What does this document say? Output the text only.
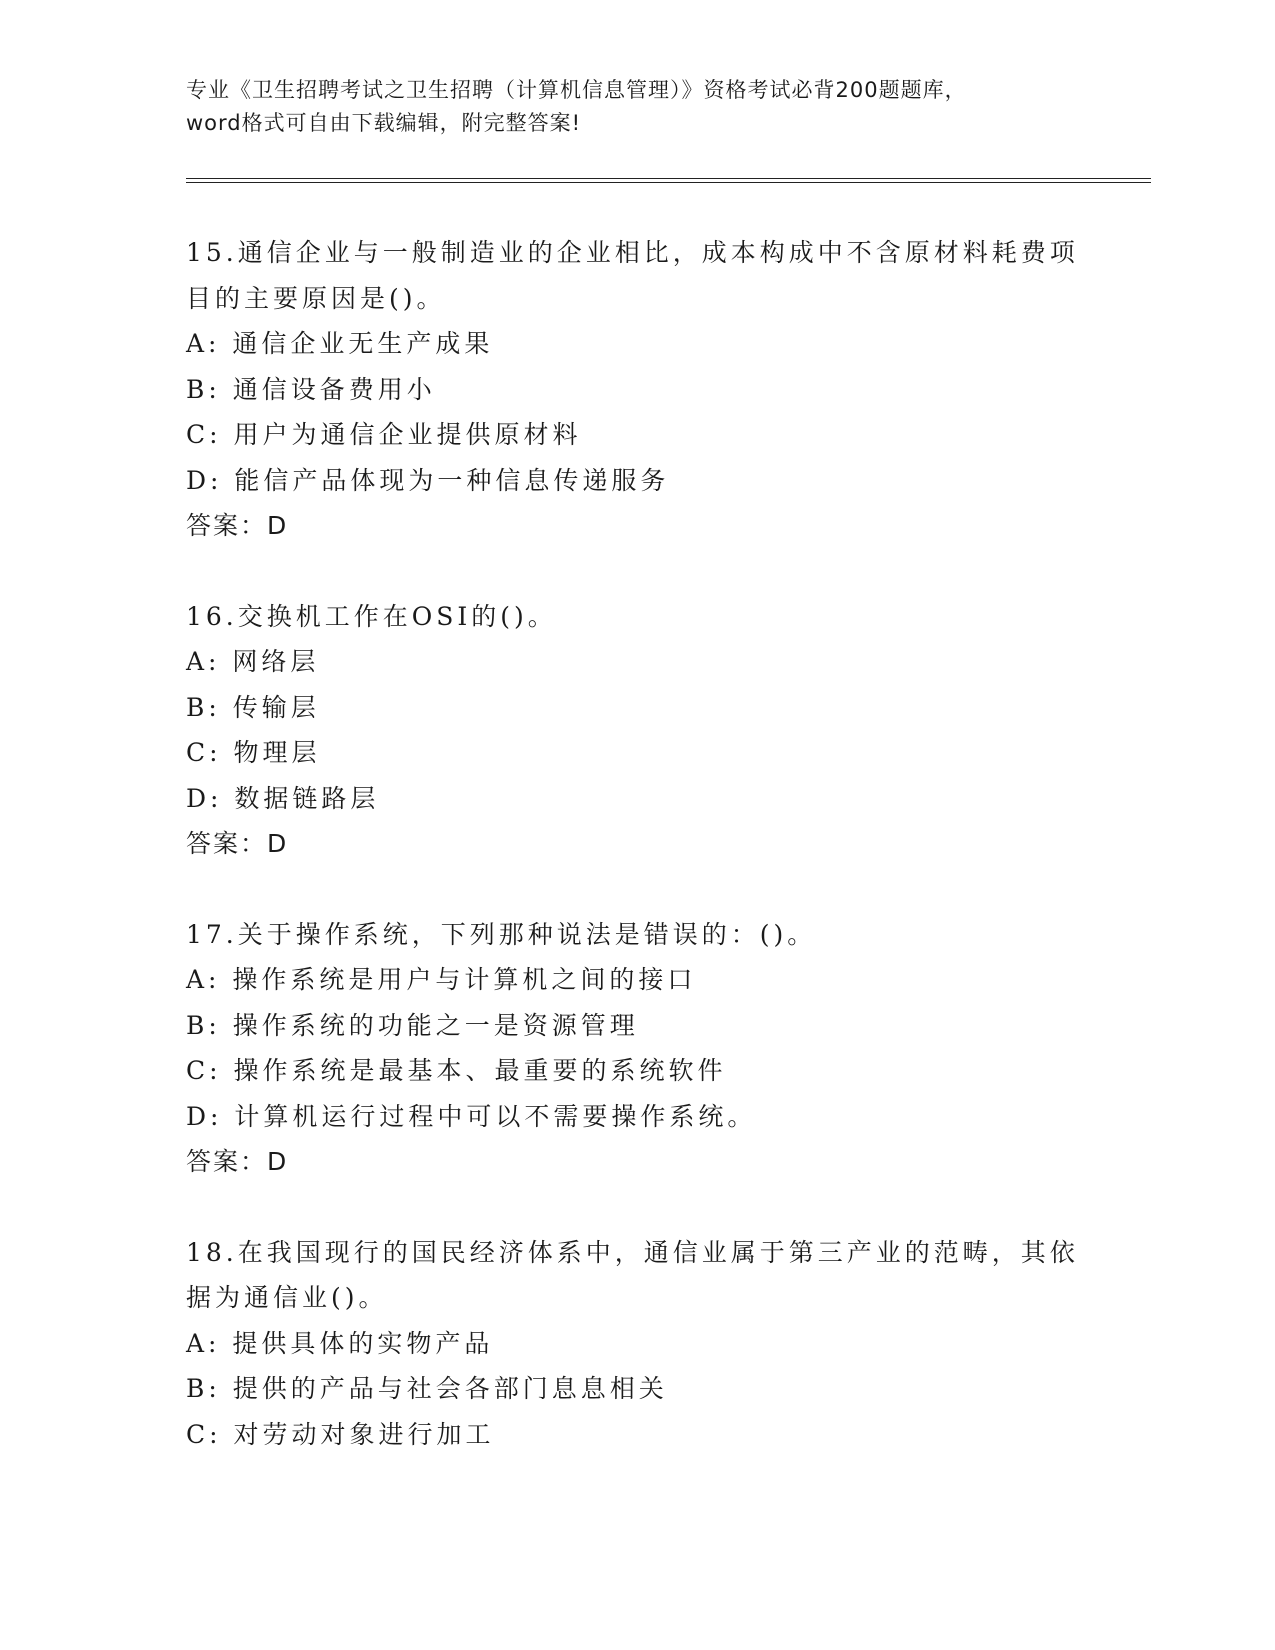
专业《卫生招聘考试之卫生招聘（计算机信息管理）》资格考试必背200题题库，
word格式可自由下载编辑，附完整答案!
15.通信企业与一般制造业的企业相比，成本构成中不含原材料耗费项
目的主要原因是()。
A: 通信企业无生产成果
B: 通信设备费用小
C: 用户为通信企业提供原材料
D: 能信产品体现为一种信息传递服务
答案：D
16.交换机工作在OSI的()。
A: 网络层
B: 传输层
C: 物理层
D: 数据链路层
答案：D
17.关于操作系统，下列那种说法是错误的：()。
A: 操作系统是用户与计算机之间的接口
B: 操作系统的功能之一是资源管理
C: 操作系统是最基本、最重要的系统软件
D: 计算机运行过程中可以不需要操作系统。
答案：D
18.在我国现行的国民经济体系中，通信业属于第三产业的范畴，其依
据为通信业()。
A: 提供具体的实物产品
B: 提供的产品与社会各部门息息相关
C: 对劳动对象进行加工
